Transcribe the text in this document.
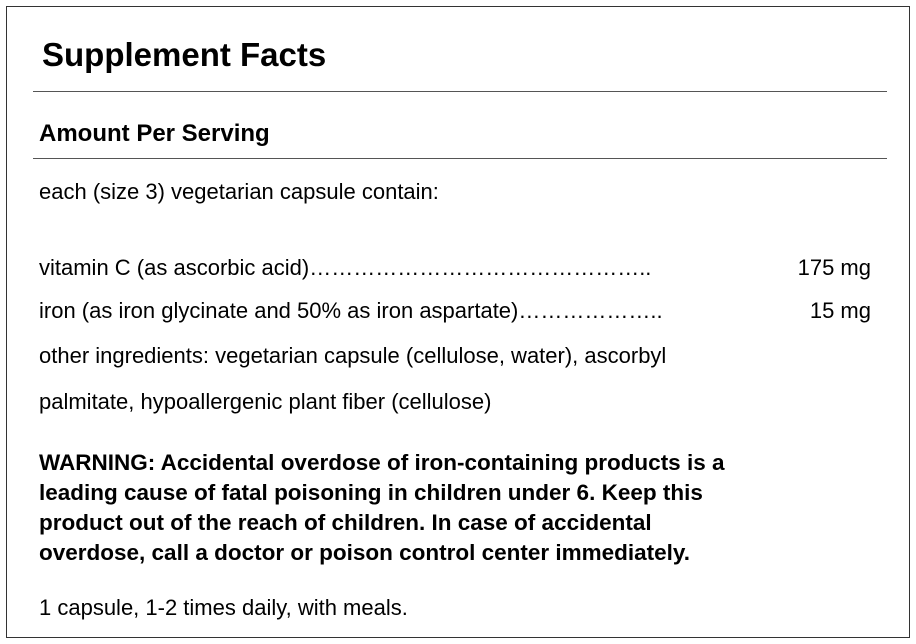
Supplement Facts
Amount Per Serving
each (size 3) vegetarian capsule contain:
vitamin C (as ascorbic acid) ………………………………………..	175 mg
iron (as iron glycinate and 50% as iron aspartate) ………………..	15 mg
other ingredients: vegetarian capsule (cellulose, water), ascorbyl
palmitate, hypoallergenic plant fiber (cellulose)
WARNING: Accidental overdose of iron-containing products is a
leading cause of fatal poisoning in children under 6. Keep this
product out of the reach of children. In case of accidental
overdose, call a doctor or poison control center immediately.
1 capsule, 1-2 times daily, with meals.
